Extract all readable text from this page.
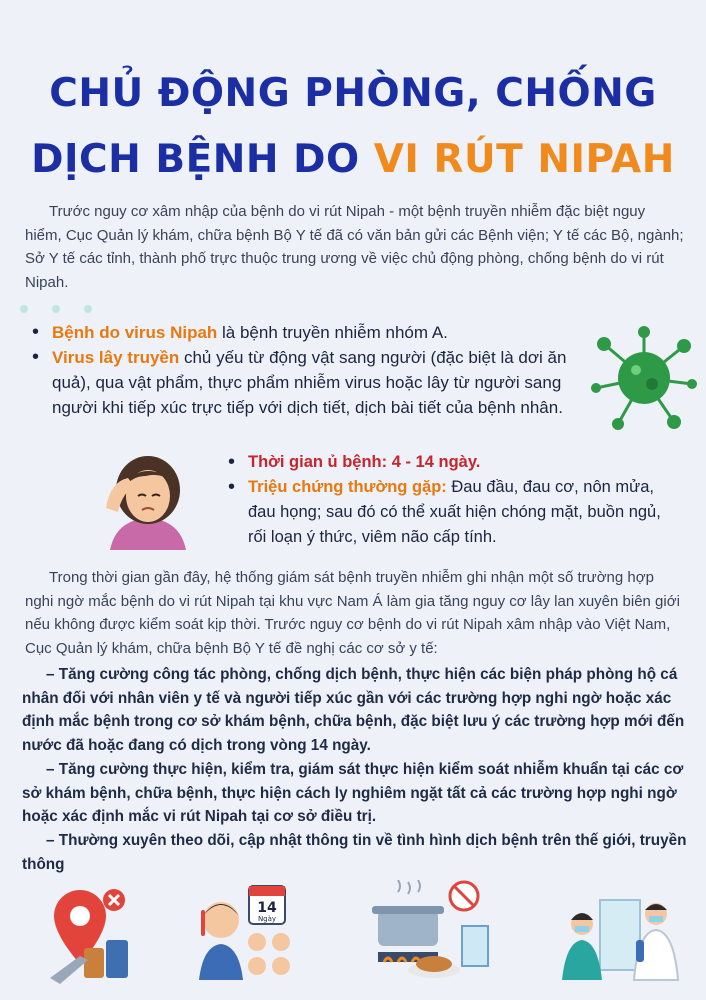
CHỦ ĐỘNG PHÒNG, CHỐNG
DỊCH BỆNH DO VI RÚT NIPAH
Trước nguy cơ xâm nhập của bệnh do vi rút Nipah - một bệnh truyền nhiễm đặc biệt nguy hiểm, Cục Quản lý khám, chữa bệnh Bộ Y tế đã có văn bản gửi các Bệnh viện; Y tế các Bộ, ngành; Sở Y tế các tỉnh, thành phố trực thuộc trung ương về việc chủ động phòng, chống bệnh do vi rút Nipah.
• Bệnh do virus Nipah là bệnh truyền nhiễm nhóm A.
• Virus lây truyền chủ yếu từ động vật sang người (đặc biệt là dơi ăn quả), qua vật phẩm, thực phẩm nhiễm virus hoặc lây từ người sang người khi tiếp xúc trực tiếp với dịch tiết, dịch bài tiết của bệnh nhân.
• Thời gian ủ bệnh: 4 - 14 ngày.
• Triệu chứng thường gặp: Đau đầu, đau cơ, nôn mửa, đau họng; sau đó có thể xuất hiện chóng mặt, buồn ngủ, rối loạn ý thức, viêm não cấp tính.
Trong thời gian gần đây, hệ thống giám sát bệnh truyền nhiễm ghi nhận một số trường hợp nghi ngờ mắc bệnh do vi rút Nipah tại khu vực Nam Á làm gia tăng nguy cơ lây lan xuyên biên giới nếu không được kiểm soát kịp thời. Trước nguy cơ bệnh do vi rút Nipah xâm nhập vào Việt Nam, Cục Quản lý khám, chữa bệnh Bộ Y tế đề nghị các cơ sở y tế:

– Tăng cường công tác phòng, chống dịch bệnh, thực hiện các biện pháp phòng hộ cá nhân đối với nhân viên y tế và người tiếp xúc gần với các trường hợp nghi ngờ hoặc xác định mắc bệnh trong cơ sở khám bệnh, chữa bệnh, đặc biệt lưu ý các trường hợp mới đến nước đã hoặc đang có dịch trong vòng 14 ngày.

– Tăng cường thực hiện, kiểm tra, giám sát thực hiện kiểm soát nhiễm khuẩn tại các cơ sở khám bệnh, chữa bệnh, thực hiện cách ly nghiêm ngặt tất cả các trường hợp nghi ngờ hoặc xác định mắc vi rút Nipah tại cơ sở điều trị.

– Thường xuyên theo dõi, cập nhật thông tin về tình hình dịch bệnh trên thế giới, truyền thông

14
Ngày
